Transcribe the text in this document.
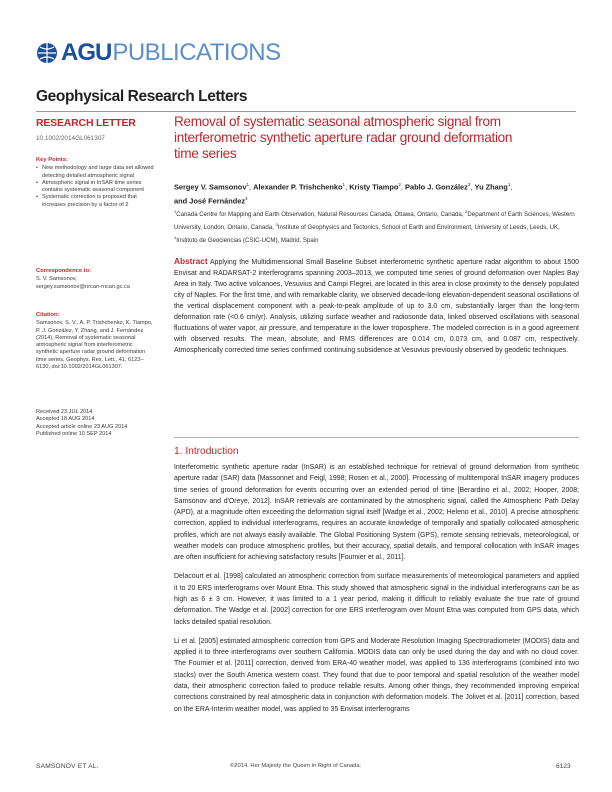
AGU PUBLICATIONS
Geophysical Research Letters
RESEARCH LETTER
10.1002/2014GL061307
Key Points:
• New methodology and large data set allowed detecting detailed atmospheric signal
• Atmospheric signal in InSAR time series contains systematic seasonal component
• Systematic correction is proposed that increases precision by a factor of 2
Correspondence to:
S. V. Samsonov,
sergey.samsonov@nrcan-rncan.gc.ca
Citation:
Samsonov, S. V., A. P. Trishchenko, K. Tiampo, P. J. González, Y. Zhang, and J. Fernández (2014), Removal of systematic seasonal atmospheric signal from interferometric synthetic aperture radar ground deformation time series, Geophys. Res. Lett., 41, 6123–6130, doi:10.1002/2014GL061307.
Received 23 JUL 2014
Accepted 18 AUG 2014
Accepted article online 23 AUG 2014
Published online 10 SEP 2014
Removal of systematic seasonal atmospheric signal from interferometric synthetic aperture radar ground deformation time series
Sergey V. Samsonov$^1$, Alexander P. Trishchenko$^1$, Kristy Tiampo$^2$, Pablo J. González$^3$, Yu Zhang$^1$,
and José Fernández$^4$
$^1$Canada Centre for Mapping and Earth Observation, Natural Resources Canada, Ottawa, Ontario, Canada, $^2$Department of Earth Sciences, Western University, London, Ontario, Canada, $^3$Institute of Geophysics and Tectonics, School of Earth and Environment, University of Leeds, Leeds, UK, $^4$Instituto de Geociencias (CSIC-UCM), Madrid, Spain
Abstract Applying the Multidimensional Small Baseline Subset interferometric synthetic aperture radar algorithm to about 1500 Envisat and RADARSAT-2 interferograms spanning 2003–2013, we computed time series of ground deformation over Naples Bay Area in Italy. Two active volcanoes, Vesuvius and Campi Flegrei, are located in this area in close proximity to the densely populated city of Naples. For the first time, and with remarkable clarity, we observed decade-long elevation-dependent seasonal oscillations of the vertical displacement component with a peak-to-peak amplitude of up to 3.0 cm, substantially larger than the long-term deformation rate (<0.6 cm/yr). Analysis, utilizing surface weather and radiosonde data, linked observed oscillations with seasonal fluctuations of water vapor, air pressure, and temperature in the lower troposphere. The modeled correction is in a good agreement with observed results. The mean, absolute, and RMS differences are 0.014 cm, 0.073 cm, and 0.087 cm, respectively. Atmospherically corrected time series confirmed continuing subsidence at Vesuvius previously observed by geodetic techniques.
1. Introduction

Interferometric synthetic aperture radar (InSAR) is an established technique for retrieval of ground deformation from synthetic aperture radar (SAR) data [Massonnet and Feigl, 1998; Rosen et al., 2000]. Processing of multitemporal InSAR imagery produces time series of ground deformation for events occurring over an extended period of time [Berardino et al., 2002; Hooper, 2008; Samsonov and d'Oreye, 2012]. InSAR retrievals are contaminated by the atmospheric signal, called the Atmospheric Path Delay (APD), at a magnitude often exceeding the deformation signal itself [Wadge et al., 2002; Heleno et al., 2010]. A precise atmospheric correction, applied to individual interferograms, requires an accurate knowledge of temporally and spatially collocated atmospheric profiles, which are not always easily available. The Global Positioning System (GPS), remote sensing retrievals, meteorological, or weather models can produce atmospheric profiles, but their accuracy, spatial details, and temporal collocation with InSAR images are often insufficient for achieving satisfactory results [Foumier et al., 2011].

Delacourt et al. [1998] calculated an atmospheric correction from surface measurements of meteorological parameters and applied it to 20 ERS interferograms over Mount Etna. This study showed that atmospheric signal in the individual interferograms can be as high as 6 ± 3 cm. However, it was limited to a 1 year period, making it difficult to reliably evaluate the true rate of ground deformation. The Wadge et al. [2002] correction for one ERS interferogram over Mount Etna was computed from GPS data, which lacks detailed spatial resolution.

Li et al. [2005] estimated atmospheric correction from GPS and Moderate Resolution Imaging Spectroradiometer (MODIS) data and applied it to three interferograms over southern California. MODIS data can only be used during the day and with no cloud cover. The Foumier et al. [2011] correction, derived from ERA-40 weather model, was applied to 136 interferograms (combined into two stacks) over the South America western coast. They found that due to poor temporal and spatial resolution of the weather model data, their atmospheric correction failed to produce reliable results. Among other things, they recommended improving empirical corrections constrained by real atmospheric data in conjunction with deformation models. The Jolivet et al. [2011] correction, based on the ERA-Interim weather model, was applied to 35 Envisat interferograms

SAMSONOV ET AL.	©2014. Her Majesty the Queen in Right of Canada.	6123
